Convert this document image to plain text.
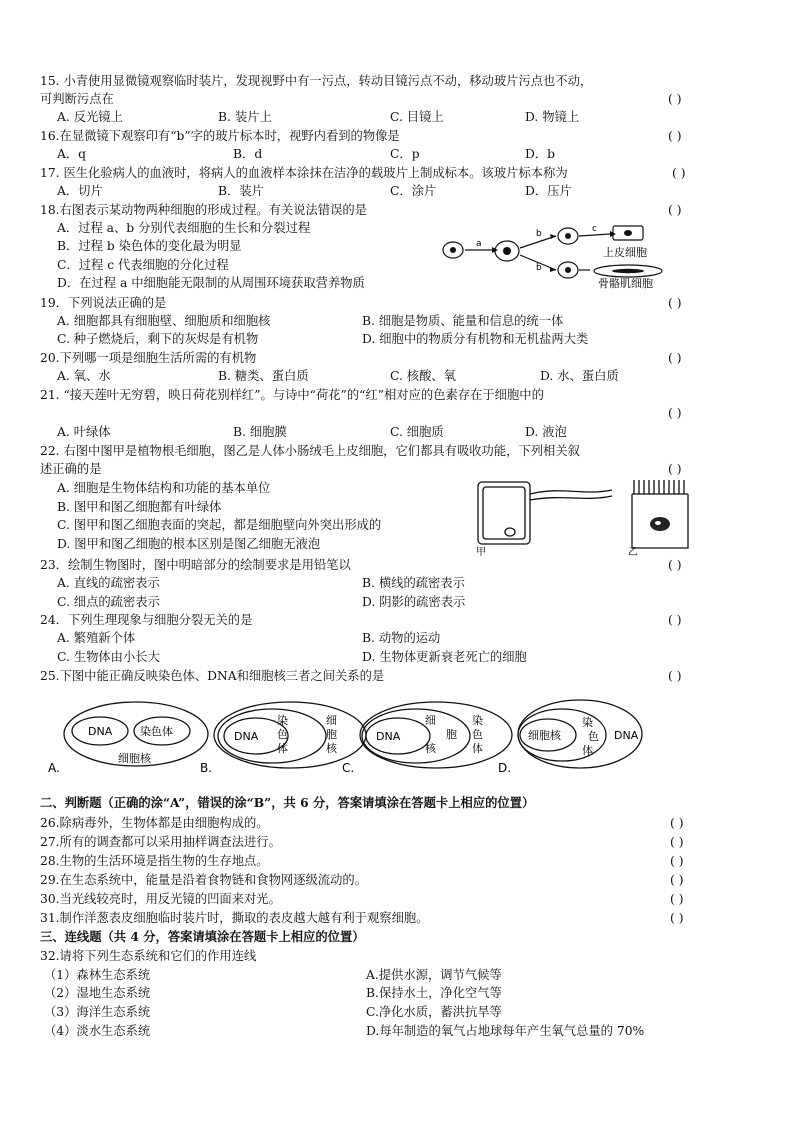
15. 小青使用显微镜观察临时装片，发现视野中有一污点，转动目镜污点不动，移动玻片污点也不动，
可判断污点在	( )
A. 反光镜上	B. 装片上	C. 目镜上	D. 物镜上
16.在显微镜下观察印有“b”字的玻片标本时，视野内看到的物像是	( )
A．q	B．d	C．p	D．b
17. 医生化验病人的血液时，将病人的血液样本涂抹在洁净的载玻片上制成标本。该玻片标本称为	( )
A．切片	B．装片	C．涂片	D．压片
18.右图表示某动物两种细胞的形成过程。有关说法错误的是	( )
A．过程 a、b 分别代表细胞的生长和分裂过程
B．过程 b 染色体的变化最为明显
C．过程 c 代表细胞的分化过程
D．在过程 a 中细胞能无限制的从周围环境获取营养物质
a
b
b
c
上皮细胞
骨骼肌细胞
19．下列说法正确的是	( )
A. 细胞都具有细胞壁、细胞质和细胞核	B. 细胞是物质、能量和信息的统一体
C. 种子燃烧后，剩下的灰烬是有机物	D. 细胞中的物质分有机物和无机盐两大类
20.下列哪一项是细胞生活所需的有机物	( )
A. 氧、水	B. 糖类、蛋白质	C. 核酸、氧	D. 水、蛋白质
21. “接天莲叶无穷碧，映日荷花别样红”。与诗中“荷花”的“红”相对应的色素存在于细胞中的
( )
A. 叶绿体	B. 细胞膜	C. 细胞质	D. 液泡
22. 右图中图甲是植物根毛细胞，图乙是人体小肠绒毛上皮细胞，它们都具有吸收功能，下列相关叙
述正确的是	( )
A. 细胞是生物体结构和功能的基本单位
B. 图甲和图乙细胞都有叶绿体
C. 图甲和图乙细胞表面的突起，都是细胞壁向外突出形成的
D. 图甲和图乙细胞的根本区别是图乙细胞无液泡
甲	乙
23．绘制生物图时，图中明暗部分的绘制要求是用铅笔以	( )
A. 直线的疏密表示	B. 横线的疏密表示
C. 细点的疏密表示	D. 阴影的疏密表示
24．下列生理现象与细胞分裂无关的是	( )
A. 繁殖新个体	B. 动物的运动
C. 生物体由小长大	D. 生物体更新衰老死亡的细胞
25.下图中能正确反映染色体、DNA和细胞核三者之间关系的是	( )
DNA	染色体
细胞核
DNA
染
色
体
细
胞
核
DNA
细
胞
核
染
色
体
细胞核
染
色
体
DNA
A.	B.	C.	D.
二、判断题（正确的涂“A”，错误的涂“B”，共 6 分，答案请填涂在答题卡上相应的位置）
26.除病毒外，生物体都是由细胞构成的。	( )
27.所有的调查都可以采用抽样调查法进行。	( )
28.生物的生活环境是指生物的生存地点。	( )
29.在生态系统中，能量是沿着食物链和食物网逐级流动的。	( )
30.当光线较亮时，用反光镜的凹面来对光。	( )
31.制作洋葱表皮细胞临时装片时，撕取的表皮越大越有利于观察细胞。	( )
三、连线题（共 4 分，答案请填涂在答题卡上相应的位置）
32.请将下列生态系统和它们的作用连线
（1）森林生态系统	A.提供水源，调节气候等
（2）湿地生态系统	B.保持水土，净化空气等
（3）海洋生态系统	C.净化水质，蓄洪抗旱等
（4）淡水生态系统	D.每年制造的氧气占地球每年产生氧气总量的 70%
